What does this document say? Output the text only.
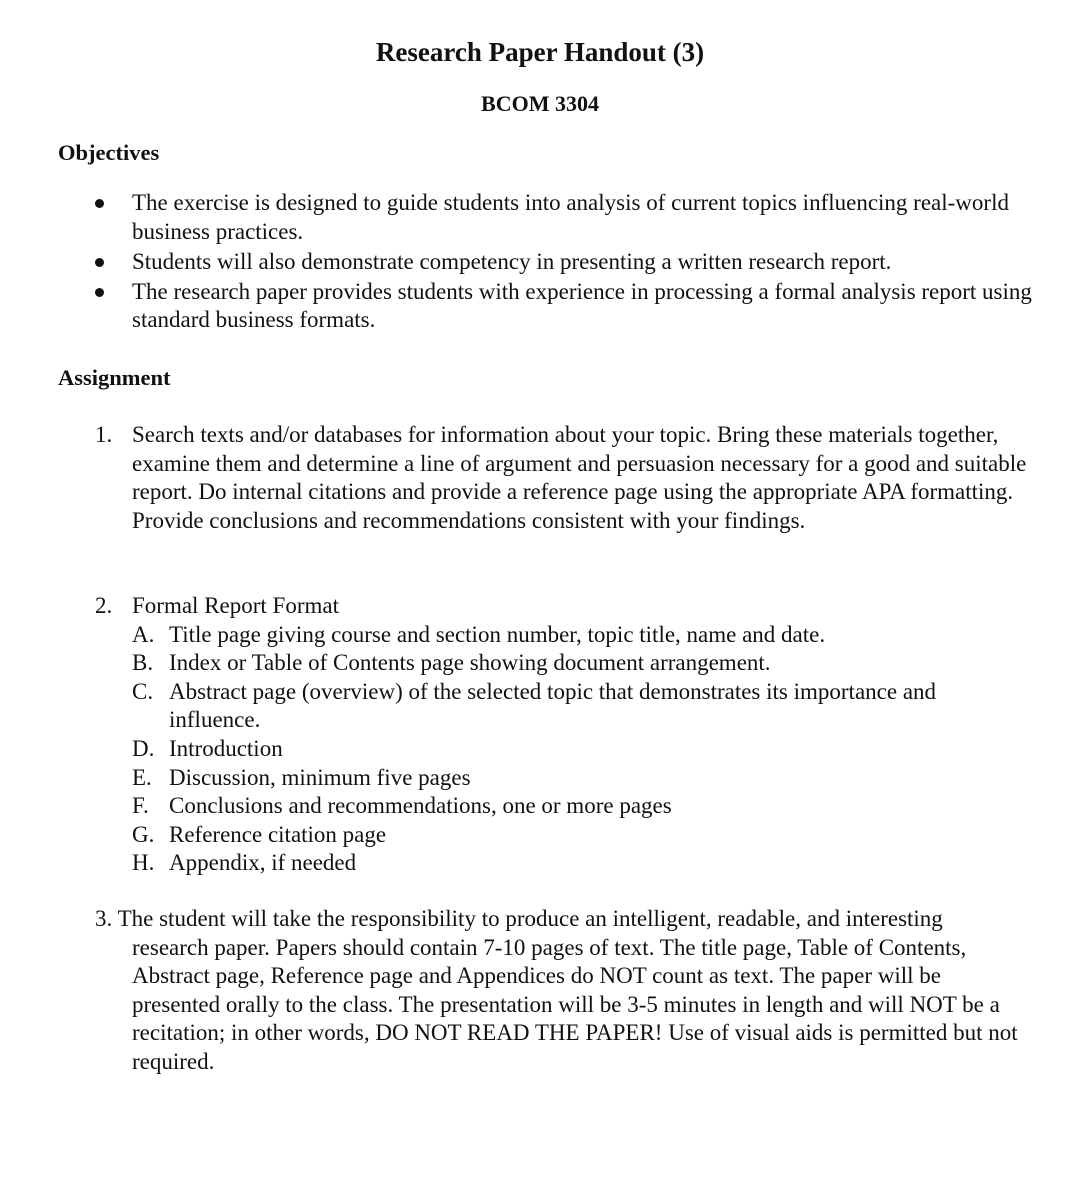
Research Paper Handout (3)
BCOM 3304
Objectives
The exercise is designed to guide students into analysis of current topics influencing real-world business practices.
Students will also demonstrate competency in presenting a written research report.
The research paper provides students with experience in processing a formal analysis report using standard business formats.
Assignment
1. Search texts and/or databases for information about your topic. Bring these materials together, examine them and determine a line of argument and persuasion necessary for a good and suitable report. Do internal citations and provide a reference page using the appropriate APA formatting. Provide conclusions and recommendations consistent with your findings.
2. Formal Report Format
A. Title page giving course and section number, topic title, name and date.
B. Index or Table of Contents page showing document arrangement.
C. Abstract page (overview) of the selected topic that demonstrates its importance and influence.
D. Introduction
E. Discussion, minimum five pages
F. Conclusions and recommendations, one or more pages
G. Reference citation page
H. Appendix, if needed
3. The student will take the responsibility to produce an intelligent, readable, and interesting
research paper. Papers should contain 7-10 pages of text. The title page, Table of Contents, Abstract page, Reference page and Appendices do NOT count as text. The paper will be presented orally to the class. The presentation will be 3-5 minutes in length and will NOT be a recitation; in other words, DO NOT READ THE PAPER! Use of visual aids is permitted but not required.
